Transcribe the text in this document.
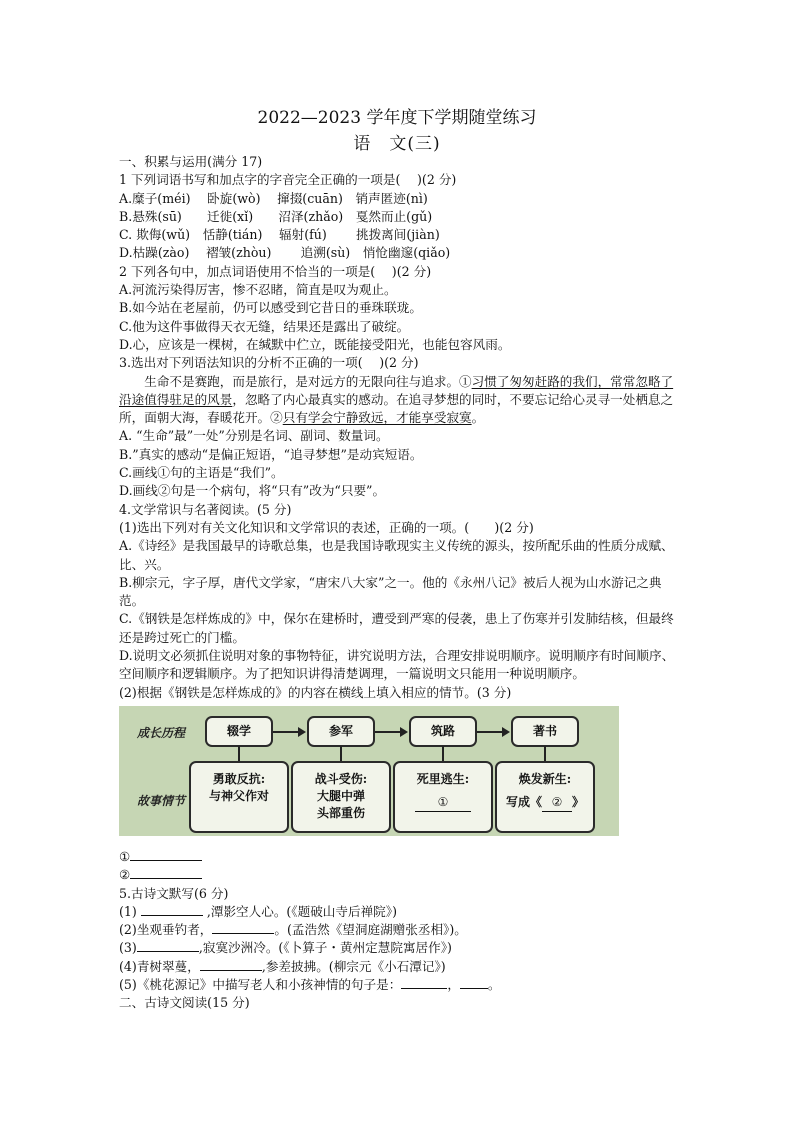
2022—2023 学年度下学期随堂练习
语　文(三)
一、积累与运用(满分 17)
1 下列词语书写和加点字的字音完全正确的一项是(　 )(2 分)
A.糜子(méi)　 卧旋(wò)　 撺掇(cuān)　销声匿迹(nì)
B.悬殊(sū)　　迁徙(xǐ)　　沼泽(zhǎo)　戛然而止(gǔ)
C. 欺侮(wǔ)　恬静(tián)　 辐射(fú)　　 挑拨离间(jiàn)
D.枯躁(zào)　 褶皱(zhòu)　　 追溯(sù)　悄怆幽邃(qiǎo)
2 下列各句中，加点词语使用不恰当的一项是(　 )(2 分)
A.河流污染得厉害，惨不忍睹，简直是叹为观止。
B.如今站在老屋前，仍可以感受到它昔日的垂珠联珑。
C.他为这件事做得天衣无缝，结果还是露出了破绽。
D.心，应该是一棵树，在缄默中伫立，既能接受阳光，也能包容风雨。
3.选出对下列语法知识的分析不正确的一项(　 )(2 分)
生命不是赛跑，而是旅行，是对远方的无限向往与追求。①习惯了匆匆赶路的我们，常常忽略了沿途值得驻足的风景，忽略了内心最真实的感动。在追寻梦想的同时，不要忘记给心灵寻一处栖息之所，面朝大海，春暖花开。②只有学会宁静致远，才能享受寂寞。
A. “生命”最”一处”分别是名词、副词、数量词。
B.”真实的感动“是偏正短语，“追寻梦想”是动宾短语。
C.画线①句的主语是“我们”。
D.画线②句是一个病句，将“只有”改为“只要”。
4.文学常识与名著阅读。(5 分)
(1)选出下列对有关文化知识和文学常识的表述，正确的一项。(　　)(2 分)
A.《诗经》是我国最早的诗歌总集，也是我国诗歌现实主义传统的源头，按所配乐曲的性质分成赋、比、兴。
B.柳宗元，字子厚，唐代文学家，“唐宋八大家”之一。他的《永州八记》被后人视为山水游记之典范。
C.《钢铁是怎样炼成的》中，保尔在建桥时，遭受到严寒的侵袭，患上了伤寒并引发肺结核，但最终还是跨过死亡的门槛。
D.说明文必须抓住说明对象的事物特征，讲究说明方法，合理安排说明顺序。说明顺序有时间顺序、空间顺序和逻辑顺序。为了把知识讲得清楚调理，一篇说明文只能用一种说明顺序。
(2)根据《钢铁是怎样炼成的》的内容在横线上填入相应的情节。(3 分)
成长历程
故事情节
辍学	参军	筑路	著书
勇敢反抗:
与神父作对
战斗受伤:
大腿中弹
头部重伤
死里逃生:
①
焕发新生:
写成《 ② 》
①
②
5.古诗文默写(6 分)
(1)	,潭影空人心。(《题破山寺后禅院》)
(2)坐观垂钓者，	。(孟浩然《望洞庭湖赠张丞相》)。
(3)	,寂寞沙洲冷。(《卜算子・黄州定慧院寓居作》)
(4)青树翠蔓，	,参差披拂。(柳宗元《小石潭记》)
(5)《桃花源记》中描写老人和小孩神情的句子是：	， 。
二、古诗文阅读(15 分)
